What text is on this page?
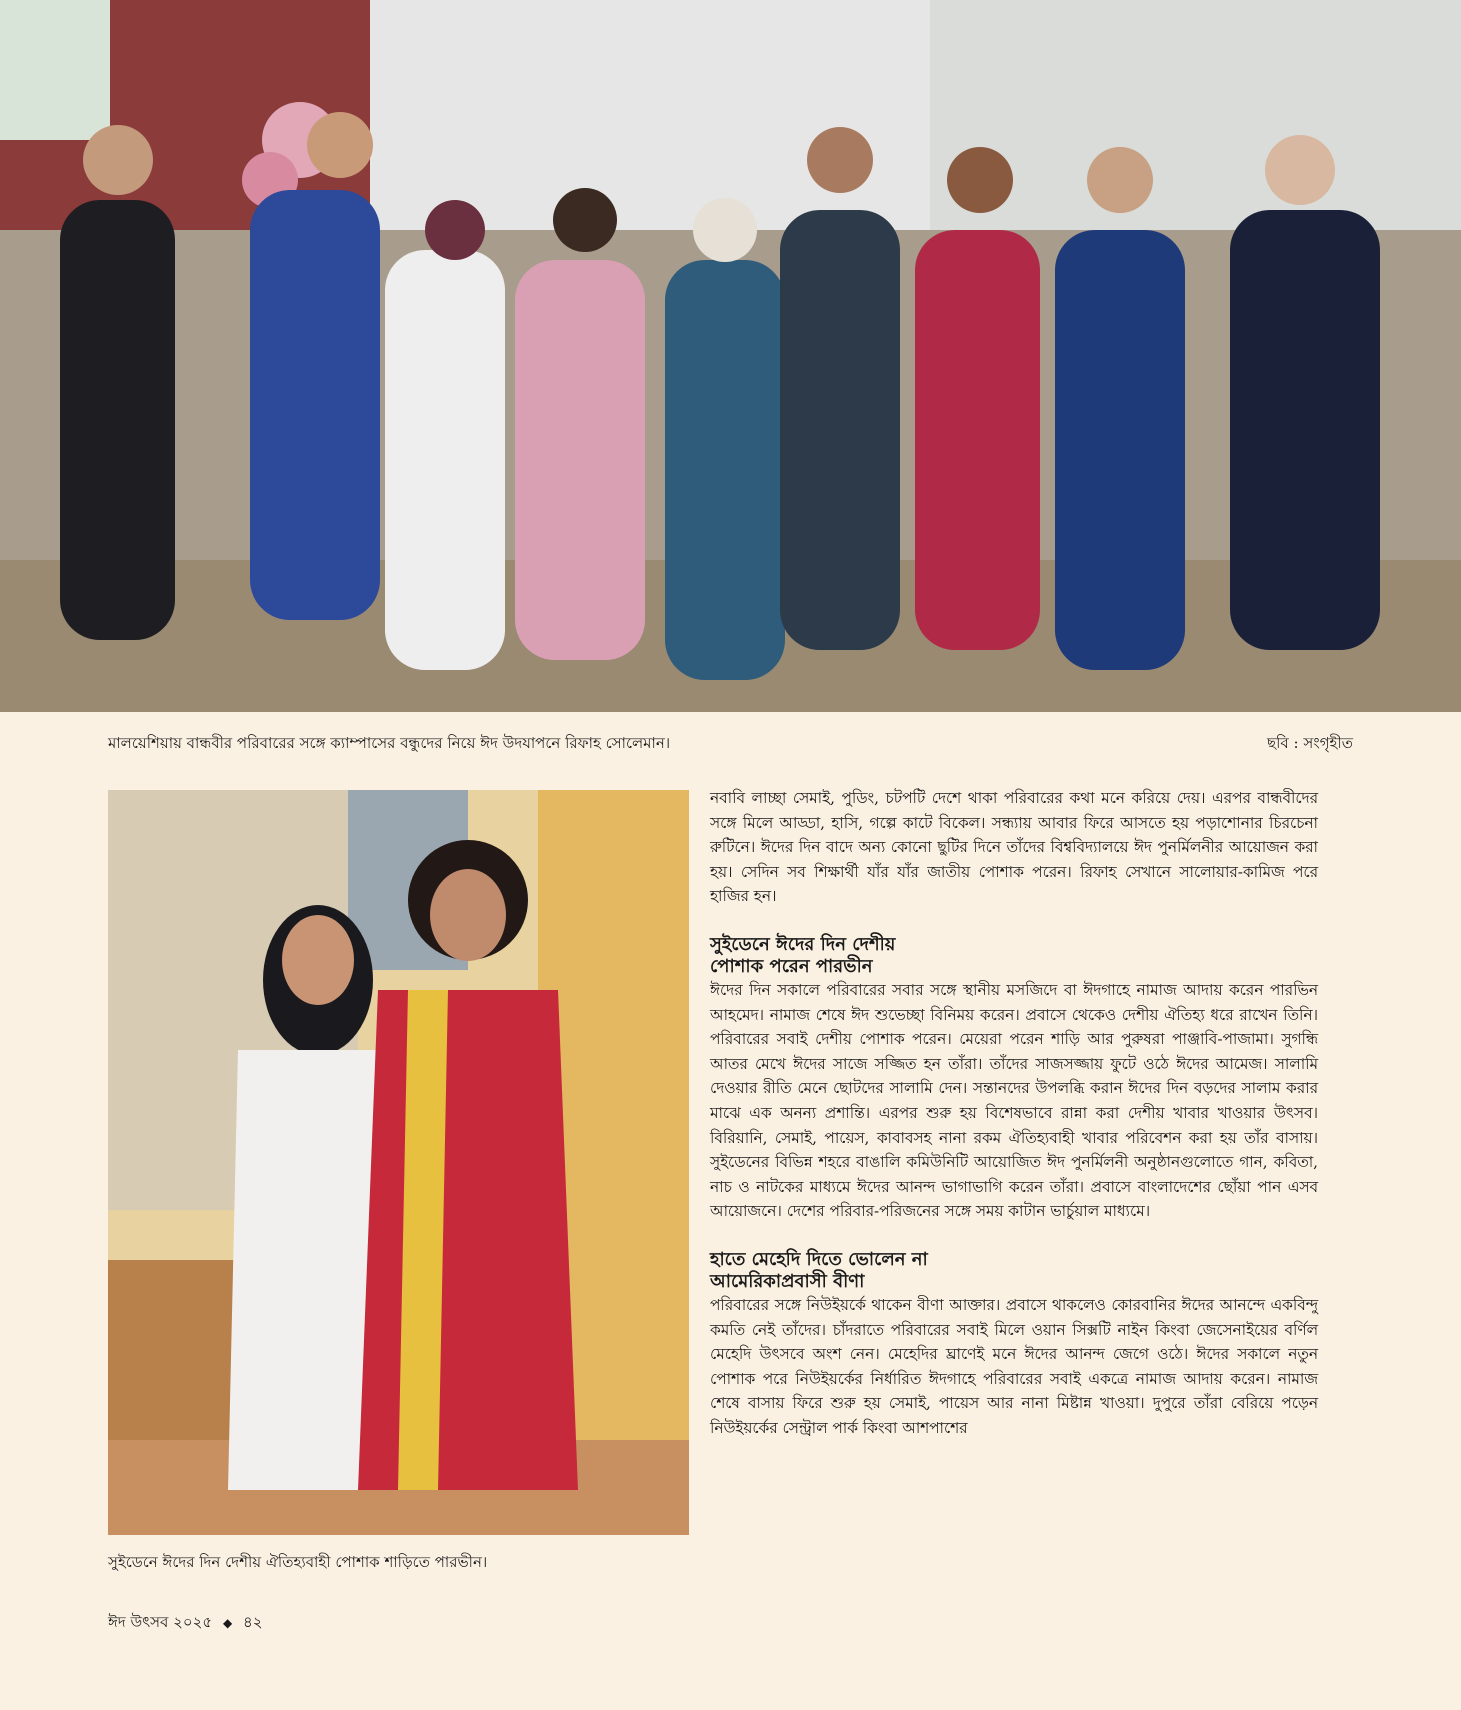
মালয়েশিয়ায় বান্ধবীর পরিবারের সঙ্গে ক্যাম্পাসের বন্ধুদের নিয়ে ঈদ উদযাপনে রিফাহ সোলেমান।	ছবি : সংগৃহীত
সুইডেনে ঈদের দিন দেশীয় ঐতিহ্যবাহী পোশাক শাড়িতে পারভীন।

নবাবি লাচ্ছা সেমাই, পুডিং, চটপটি দেশে থাকা পরিবারের কথা মনে করিয়ে দেয়। এরপর বান্ধবীদের সঙ্গে মিলে আড্ডা, হাসি, গল্পে কাটে বিকেল। সন্ধ্যায় আবার ফিরে আসতে হয় পড়াশোনার চিরচেনা রুটিনে। ঈদের দিন বাদে অন্য কোনো ছুটির দিনে তাঁদের বিশ্ববিদ্যালয়ে ঈদ পুনর্মিলনীর আয়োজন করা হয়। সেদিন সব শিক্ষার্থী যাঁর যাঁর জাতীয় পোশাক পরেন। রিফাহ সেখানে সালোয়ার-কামিজ পরে হাজির হন।

সুইডেনে ঈদের দিন দেশীয়

পোশাক পরেন পারভীন

ঈদের দিন সকালে পরিবারের সবার সঙ্গে স্থানীয় মসজিদে বা ঈদগাহে নামাজ আদায় করেন পারভিন আহমেদ। নামাজ শেষে ঈদ শুভেচ্ছা বিনিময় করেন। প্রবাসে থেকেও দেশীয় ঐতিহ্য ধরে রাখেন তিনি। পরিবারের সবাই দেশীয় পোশাক পরেন। মেয়েরা পরেন শাড়ি আর পুরুষরা পাঞ্জাবি-পাজামা। সুগন্ধি আতর মেখে ঈদের সাজে সজ্জিত হন তাঁরা। তাঁদের সাজসজ্জায় ফুটে ওঠে ঈদের আমেজ। সালামি দেওয়ার রীতি মেনে ছোটদের সালামি দেন। সন্তানদের উপলব্ধি করান ঈদের দিন বড়দের সালাম করার মাঝে এক অনন্য প্রশান্তি। এরপর শুরু হয় বিশেষভাবে রান্না করা দেশীয় খাবার খাওয়ার উৎসব। বিরিয়ানি, সেমাই, পায়েস, কাবাবসহ নানা রকম ঐতিহ্যবাহী খাবার পরিবেশন করা হয় তাঁর বাসায়। সুইডেনের বিভিন্ন শহরে বাঙালি কমিউনিটি আয়োজিত ঈদ পুনর্মিলনী অনুষ্ঠানগুলোতে গান, কবিতা, নাচ ও নাটকের মাধ্যমে ঈদের আনন্দ ভাগাভাগি করেন তাঁরা। প্রবাসে বাংলাদেশের ছোঁয়া পান এসব আয়োজনে। দেশের পরিবার-পরিজনের সঙ্গে সময় কাটান ভার্চুয়াল মাধ্যমে।

হাতে মেহেদি দিতে ভোলেন না

আমেরিকাপ্রবাসী বীণা

পরিবারের সঙ্গে নিউইয়র্কে থাকেন বীণা আক্তার। প্রবাসে থাকলেও কোরবানির ঈদের আনন্দে একবিন্দু কমতি নেই তাঁদের। চাঁদরাতে পরিবারের সবাই মিলে ওয়ান সিক্সটি নাইন কিংবা জেসেনাইয়ের বর্ণিল মেহেদি উৎসবে অংশ নেন। মেহেদির ঘ্রাণেই মনে ঈদের আনন্দ জেগে ওঠে। ঈদের সকালে নতুন পোশাক পরে নিউইয়র্কের নির্ধারিত ঈদগাহে পরিবারের সবাই একত্রে নামাজ আদায় করেন। নামাজ শেষে বাসায় ফিরে শুরু হয় সেমাই, পায়েস আর নানা মিষ্টান্ন খাওয়া। দুপুরে তাঁরা বেরিয়ে পড়েন নিউইয়র্কের সেন্ট্রাল পার্ক কিংবা আশপাশের

ঈদ উৎসব ২০২৫ ◆ ৪২
